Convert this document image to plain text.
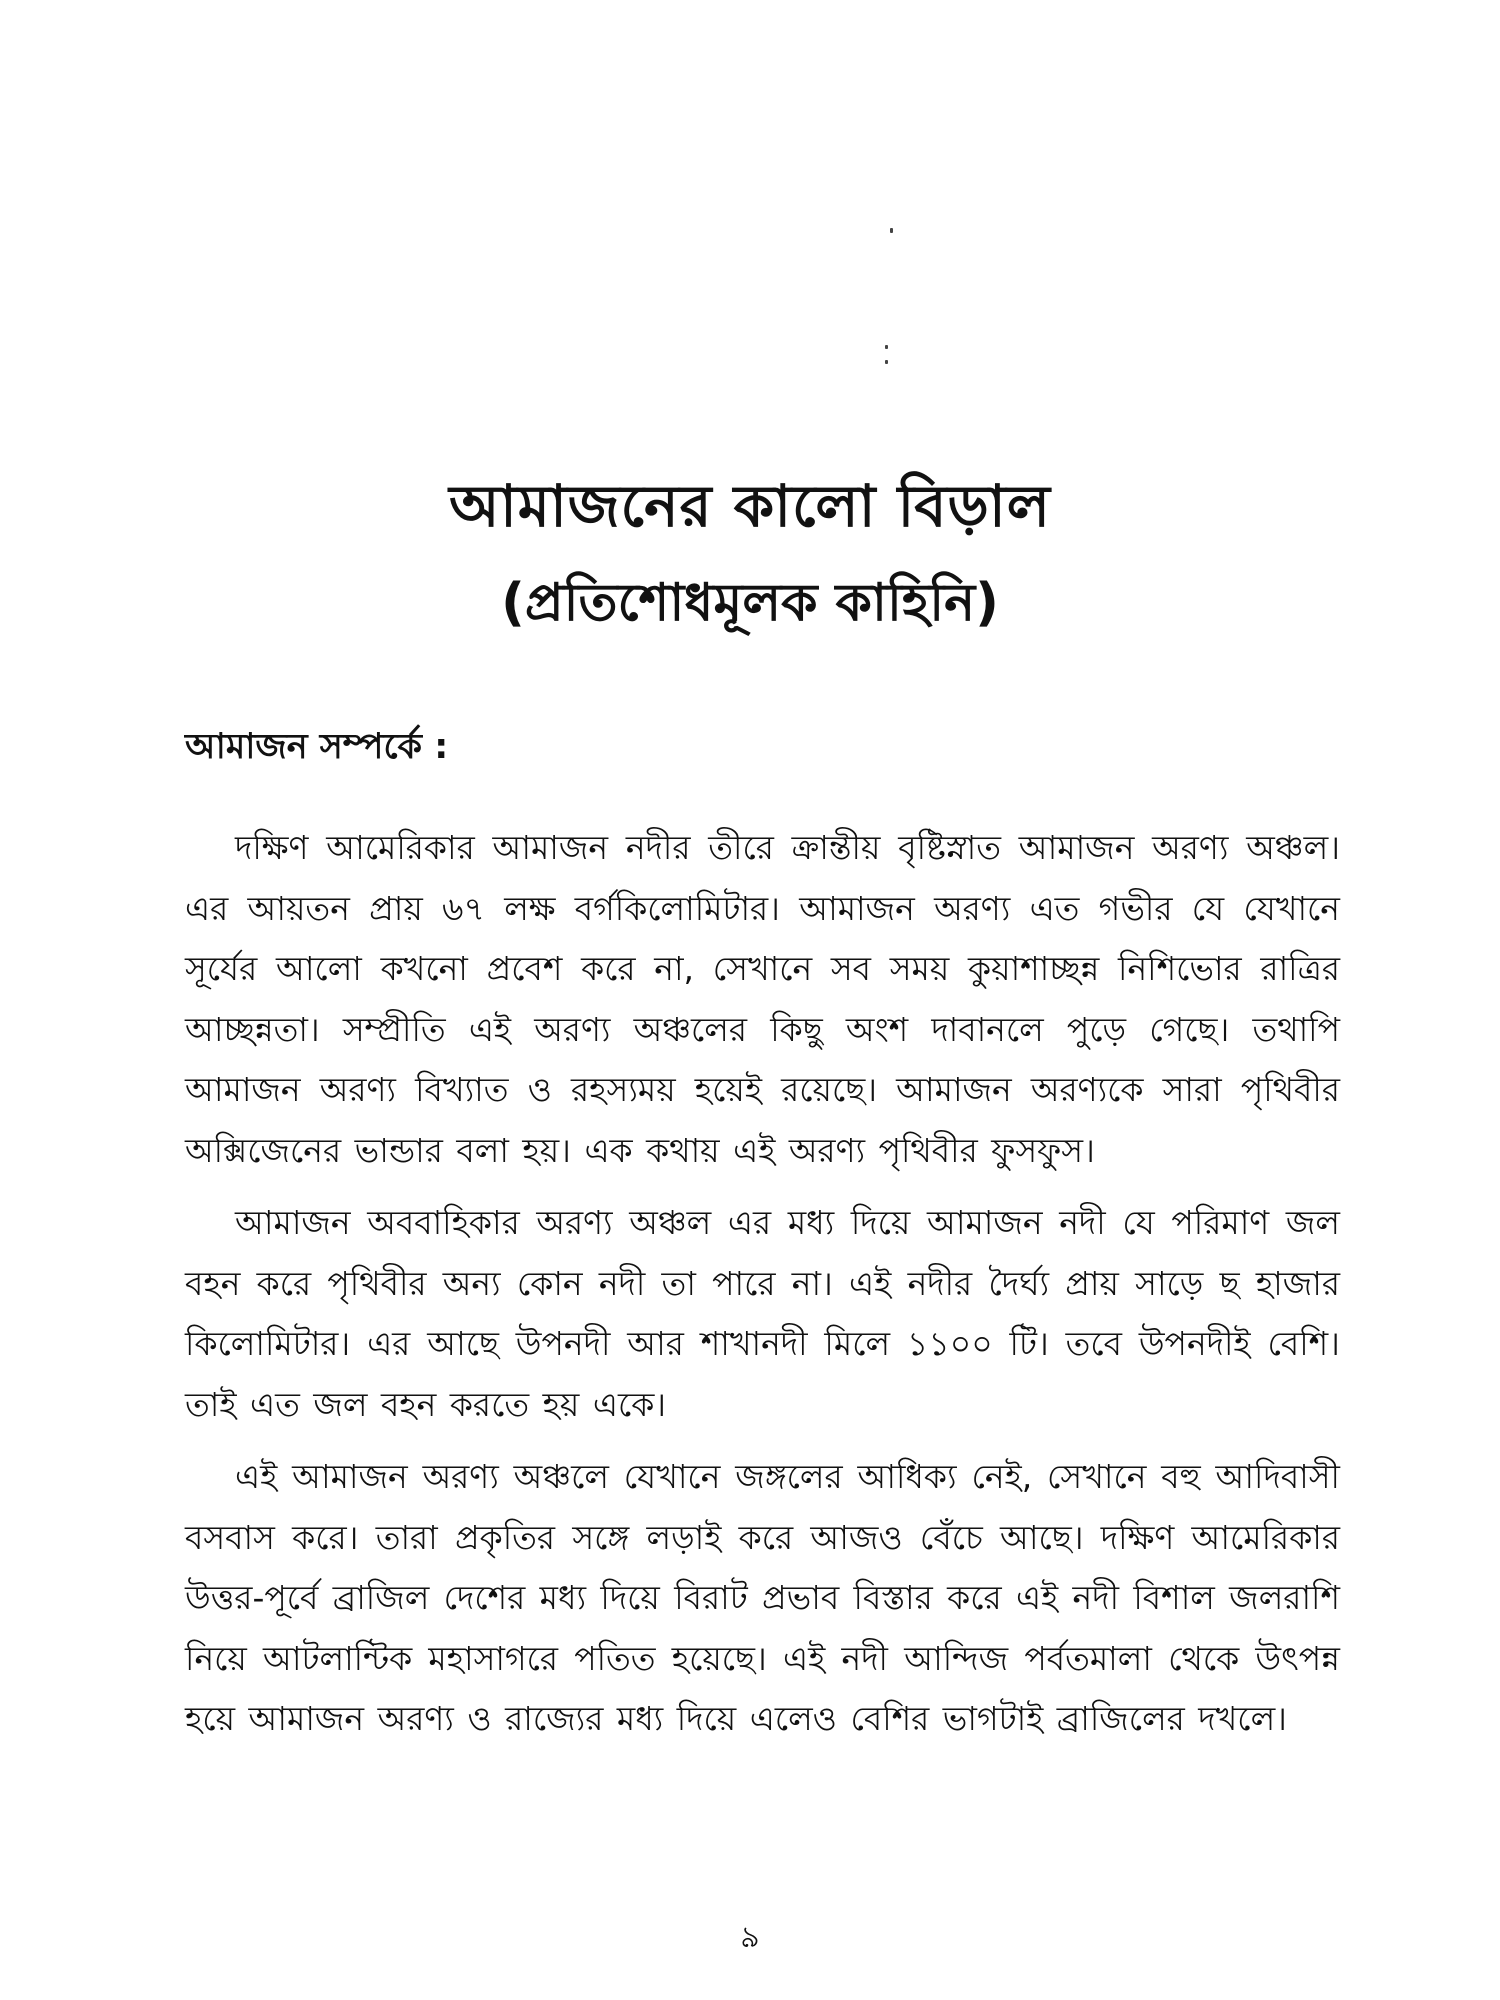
আমাজনের কালো বিড়াল
(প্রতিশোধমূলক কাহিনি)
আমাজন সম্পর্কে :

দক্ষিণ আমেরিকার আমাজন নদীর তীরে ক্রান্তীয় বৃষ্টিস্নাত আমাজন অরণ্য অঞ্চল। এর আয়তন প্রায় ৬৭ লক্ষ বর্গকিলোমিটার। আমাজন অরণ্য এত গভীর যে যেখানে সূর্যের আলো কখনো প্রবেশ করে না, সেখানে সব সময় কুয়াশাচ্ছন্ন নিশিভোর রাত্রির আচ্ছন্নতা। সম্প্রীতি এই অরণ্য অঞ্চলের কিছু অংশ দাবানলে পুড়ে গেছে। তথাপি আমাজন অরণ্য বিখ্যাত ও রহস্যময় হয়েই রয়েছে। আমাজন অরণ্যকে সারা পৃথিবীর অক্সিজেনের ভান্ডার বলা হয়। এক কথায় এই অরণ্য পৃথিবীর ফুসফুস।

আমাজন অববাহিকার অরণ্য অঞ্চল এর মধ্য দিয়ে আমাজন নদী যে পরিমাণ জল বহন করে পৃথিবীর অন্য কোন নদী তা পারে না। এই নদীর দৈর্ঘ্য প্রায় সাড়ে ছ হাজার কিলোমিটার। এর আছে উপনদী আর শাখানদী মিলে ১১০০ টি। তবে উপনদীই বেশি। তাই এত জল বহন করতে হয় একে।

এই আমাজন অরণ্য অঞ্চলে যেখানে জঙ্গলের আধিক্য নেই, সেখানে বহু আদিবাসী বসবাস করে। তারা প্রকৃতির সঙ্গে লড়াই করে আজও বেঁচে আছে। দক্ষিণ আমেরিকার উত্তর-পূর্বে ব্রাজিল দেশের মধ্য দিয়ে বিরাট প্রভাব বিস্তার করে এই নদী বিশাল জলরাশি নিয়ে আটলান্টিক মহাসাগরে পতিত হয়েছে। এই নদী আন্দিজ পর্বতমালা থেকে উৎপন্ন হয়ে আমাজন অরণ্য ও রাজ্যের মধ্য দিয়ে এলেও বেশির ভাগটাই ব্রাজিলের দখলে।

৯
